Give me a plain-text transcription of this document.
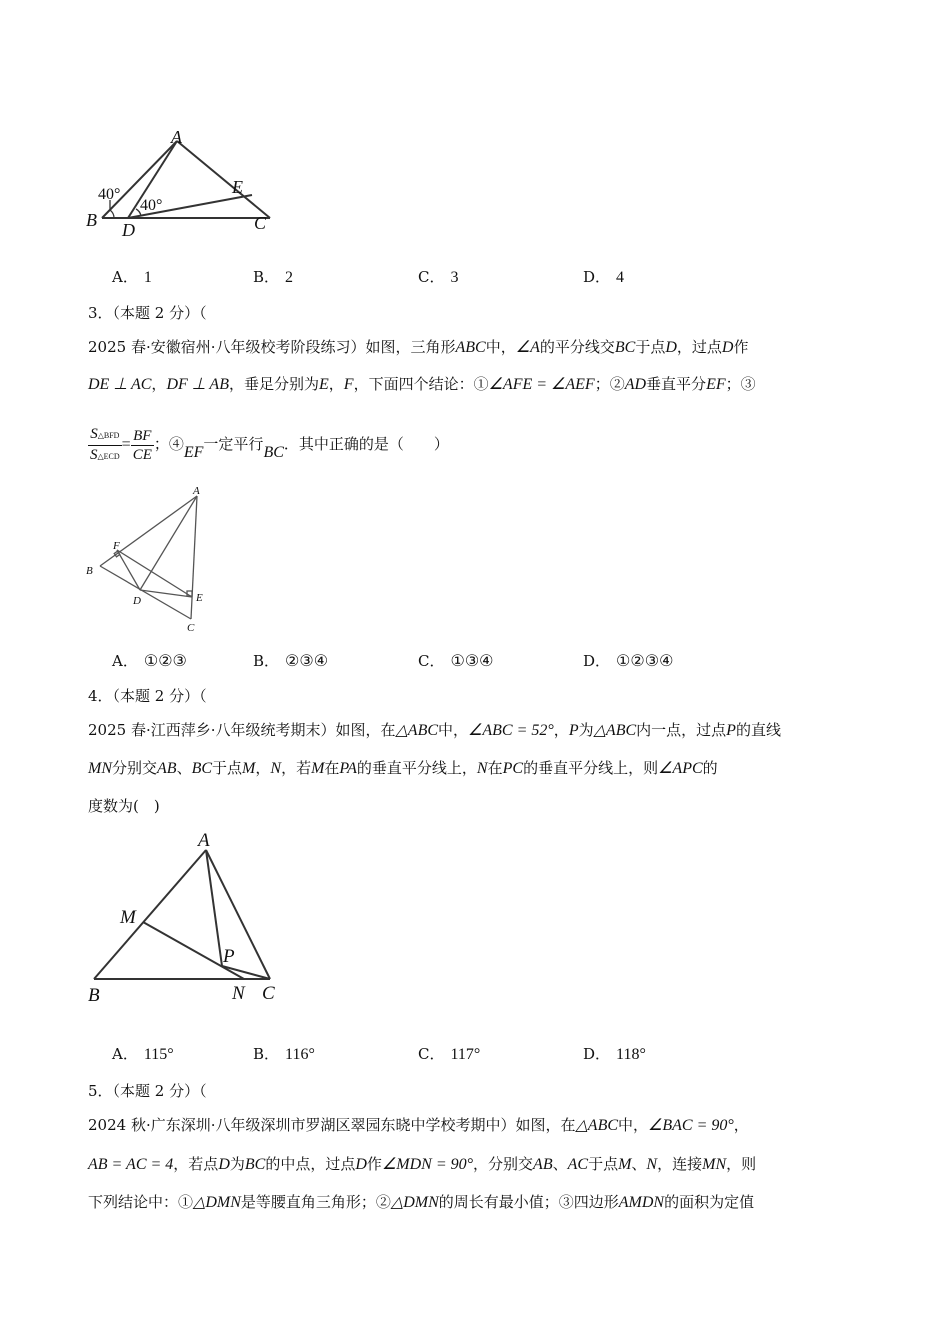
A
B	C
D
E
40°
40°
A． 1	B． 2	C． 3	D． 4
3．（本题 2 分）（
2025 春·安徽宿州·八年级校考阶段练习）如图，三角形ABC中，∠A的平分线交BC于点D，过点D作
DE ⊥ AC，DF ⊥ AB，垂足分别为E，F，下面四个结论：①∠AFE = ∠AEF；②AD垂直平分EF；③
$\frac{\text{S△BFD}}{\text{S△ECD}} = \frac{BF}{CE}$ ；④EF一定平行BC．其中正确的是（　　）
A
B
C
D	E
F
A． ①②③	B． ②③④	C． ①③④	D． ①②③④
4．（本题 2 分）（
2025 春·江西萍乡·八年级统考期末）如图，在△ABC中，∠ABC = 52°，P为△ABC内一点，过点P的直线
MN分别交AB、BC于点M，N，若M在PA的垂直平分线上，N在PC的垂直平分线上，则∠APC的
度数为(　)
A
B	C
M
N
P
A． 115°	B． 116°	C． 117°	D． 118°
5．（本题 2 分）（
2024 秋·广东深圳·八年级深圳市罗湖区翠园东晓中学校考期中）如图，在△ABC中，∠BAC = 90°，
AB = AC = 4，若点D为BC的中点，过点D作∠MDN = 90°，分别交AB、AC于点M、N，连接MN，则
下列结论中：①△DMN是等腰直角三角形；②△DMN的周长有最小值；③四边形AMDN的面积为定值
